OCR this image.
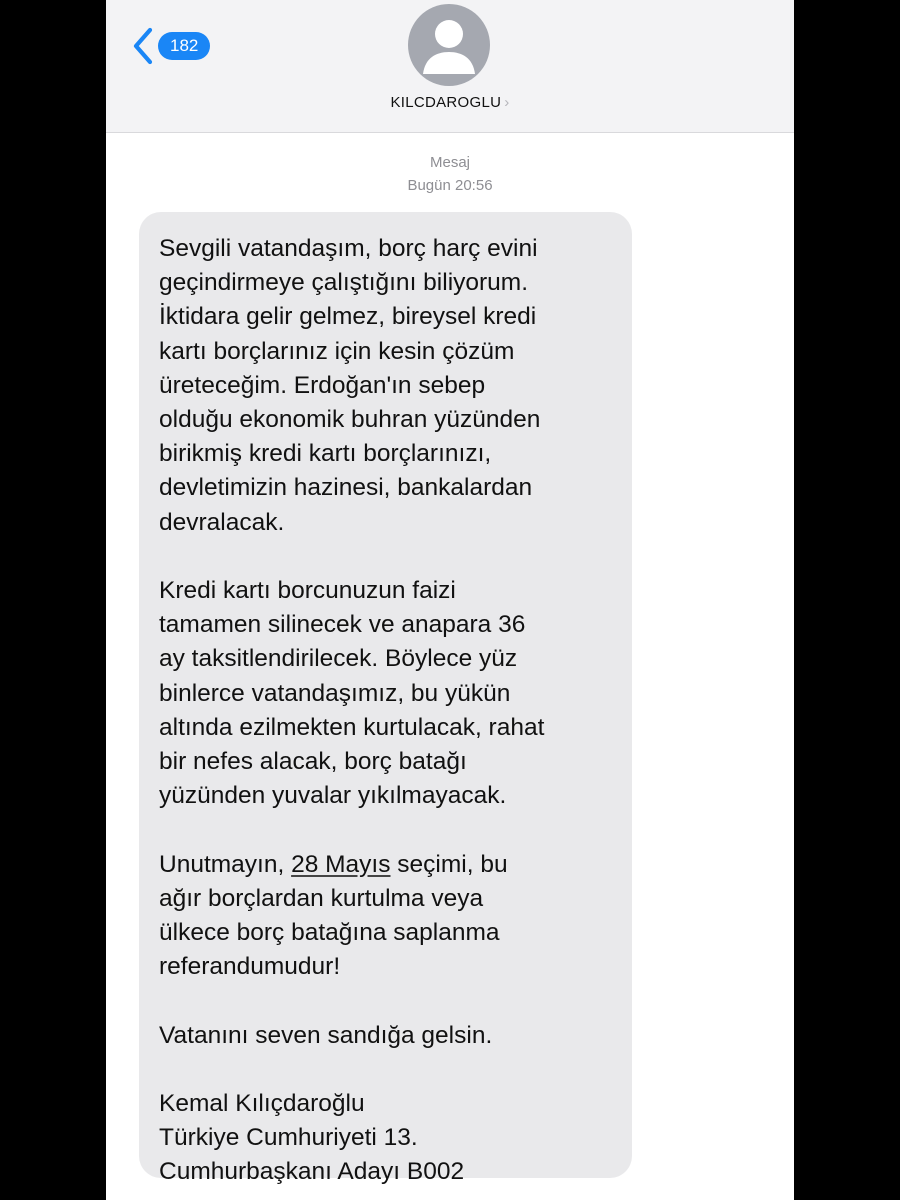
182
KILCDAROGLU ›
Mesaj
Bugün 20:56

Sevgili vatandaşım, borç harç evini
geçindirmeye çalıştığını biliyorum.
İktidara gelir gelmez, bireysel kredi
kartı borçlarınız için kesin çözüm
üreteceğim. Erdoğan'ın sebep
olduğu ekonomik buhran yüzünden
birikmiş kredi kartı borçlarınızı,
devletimizin hazinesi, bankalardan
devralacak.

Kredi kartı borcunuzun faizi
tamamen silinecek ve anapara 36
ay taksitlendirilecek. Böylece yüz
binlerce vatandaşımız, bu yükün
altında ezilmekten kurtulacak, rahat
bir nefes alacak, borç batağı
yüzünden yuvalar yıkılmayacak.

Unutmayın, 28 Mayıs seçimi, bu
ağır borçlardan kurtulma veya
ülkece borç batağına saplanma
referandumudur!

Vatanını seven sandığa gelsin.

Kemal Kılıçdaroğlu
Türkiye Cumhuriyeti 13.
Cumhurbaşkanı Adayı B002
